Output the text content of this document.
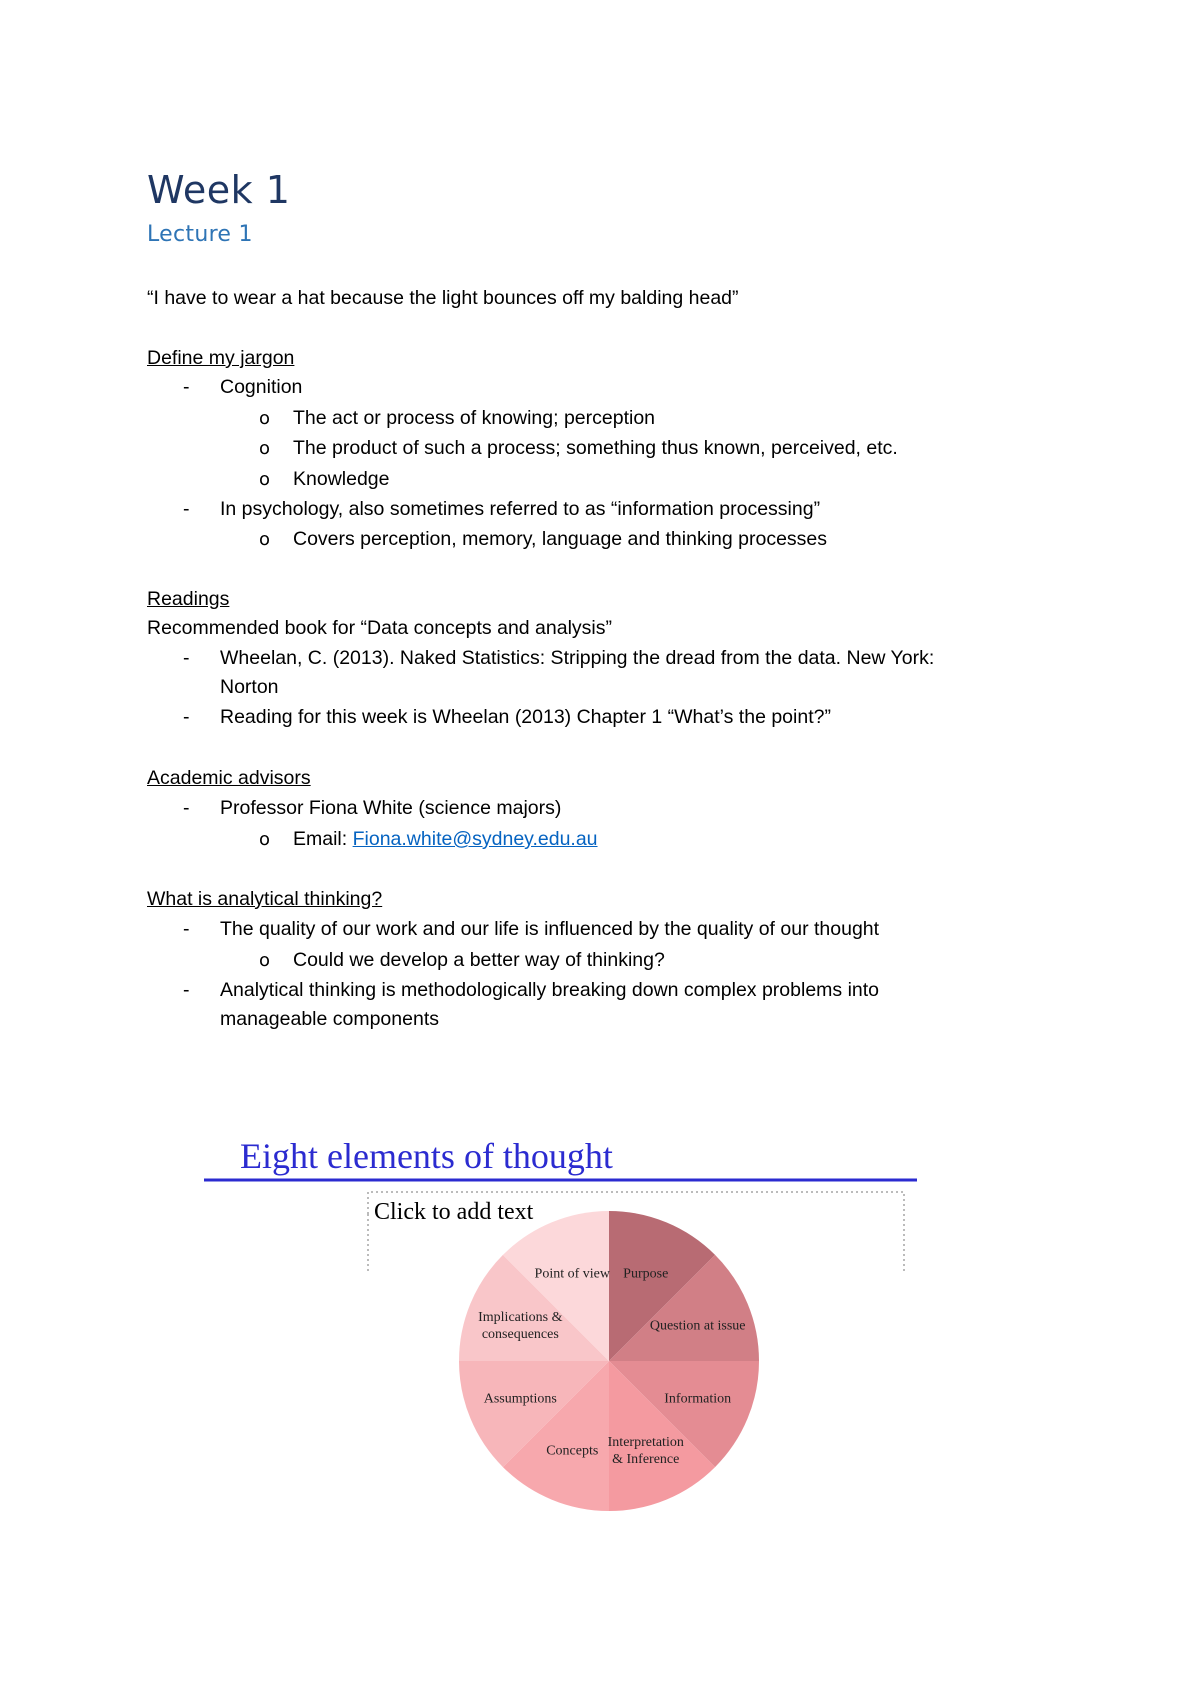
Week 1
Lecture 1
“I have to wear a hat because the light bounces off my balding head”
Define my jargon
- Cognition
o The act or process of knowing; perception
o The product of such a process; something thus known, perceived, etc.
o Knowledge
- In psychology, also sometimes referred to as “information processing”
o Covers perception, memory, language and thinking processes
Readings
Recommended book for “Data concepts and analysis”
- Wheelan, C. (2013). Naked Statistics: Stripping the dread from the data. New York:
Norton
- Reading for this week is Wheelan (2013) Chapter 1 “What’s the point?”
Academic advisors
- Professor Fiona White (science majors)
o Email: Fiona.white@sydney.edu.au
What is analytical thinking?
- The quality of our work and our life is influenced by the quality of our thought
o Could we develop a better way of thinking?
- Analytical thinking is methodologically breaking down complex problems into
manageable components
Eight elements of thought
Click to add text
Purpose
Question at issue
Information
Interpretation
& Inference
Concepts
Assumptions
Implications &
consequences
Point of view
